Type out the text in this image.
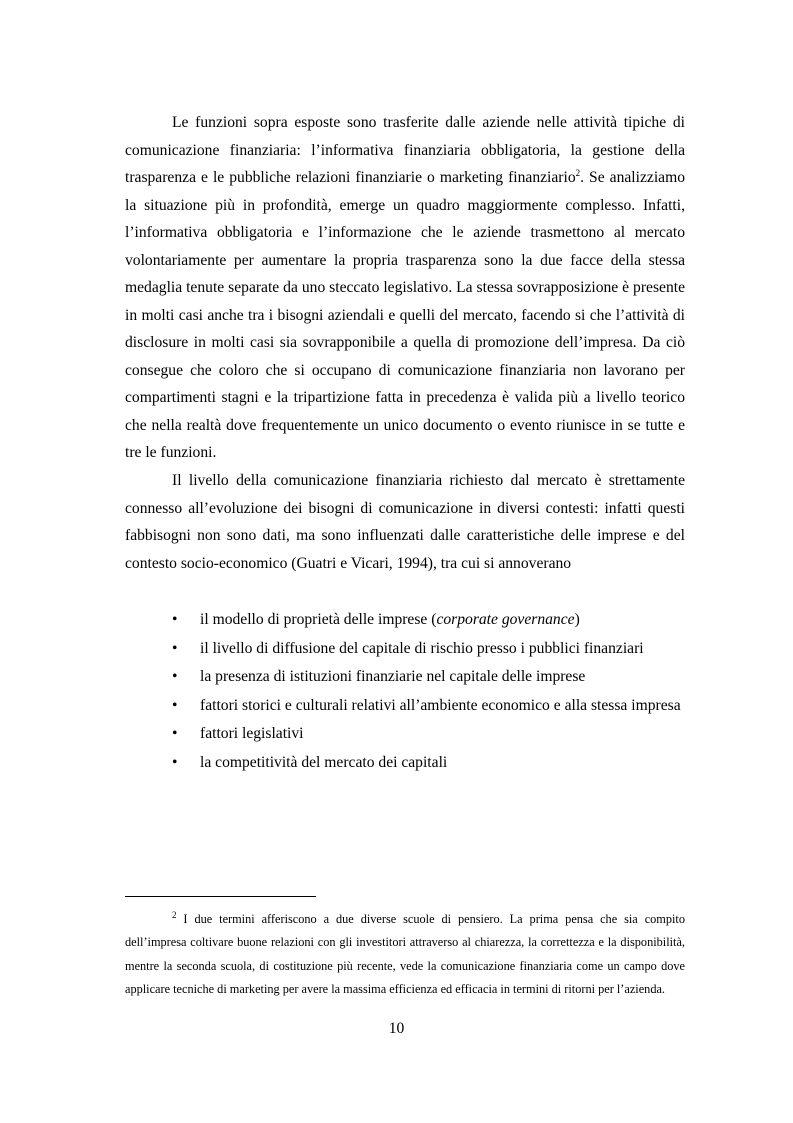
Le funzioni sopra esposte sono trasferite dalle aziende nelle attività tipiche di comunicazione finanziaria: l’informativa finanziaria obbligatoria, la gestione della trasparenza e le pubbliche relazioni finanziarie o marketing finanziario$^2$. Se analizziamo la situazione più in profondità, emerge un quadro maggiormente complesso. Infatti, l’informativa obbligatoria e l’informazione che le aziende trasmettono al mercato volontariamente per aumentare la propria trasparenza sono la due facce della stessa medaglia tenute separate da uno steccato legislativo. La stessa sovrapposizione è presente in molti casi anche tra i bisogni aziendali e quelli del mercato, facendo si che l’attività di disclosure in molti casi sia sovrapponibile a quella di promozione dell’impresa. Da ciò consegue che coloro che si occupano di comunicazione finanziaria non lavorano per compartimenti stagni e la tripartizione fatta in precedenza è valida più a livello teorico che nella realtà dove frequentemente un unico documento o evento riunisce in se tutte e tre le funzioni.

Il livello della comunicazione finanziaria richiesto dal mercato è strettamente connesso all’evoluzione dei bisogni di comunicazione in diversi contesti: infatti questi fabbisogni non sono dati, ma sono influenzati dalle caratteristiche delle imprese e del contesto socio-economico (Guatri e Vicari, 1994), tra cui si annoverano

• il modello di proprietà delle imprese (corporate governance)
• il livello di diffusione del capitale di rischio presso i pubblici finanziari
• la presenza di istituzioni finanziarie nel capitale delle imprese
• fattori storici e culturali relativi all’ambiente economico e alla stessa impresa
• fattori legislativi
• la competitività del mercato dei capitali

$^2$ I due termini afferiscono a due diverse scuole di pensiero. La prima pensa che sia compito dell’impresa coltivare buone relazioni con gli investitori attraverso al chiarezza, la correttezza e la disponibilità, mentre la seconda scuola, di costituzione più recente, vede la comunicazione finanziaria come un campo dove applicare tecniche di marketing per avere la massima efficienza ed efficacia in termini di ritorni per l’azienda.

10
